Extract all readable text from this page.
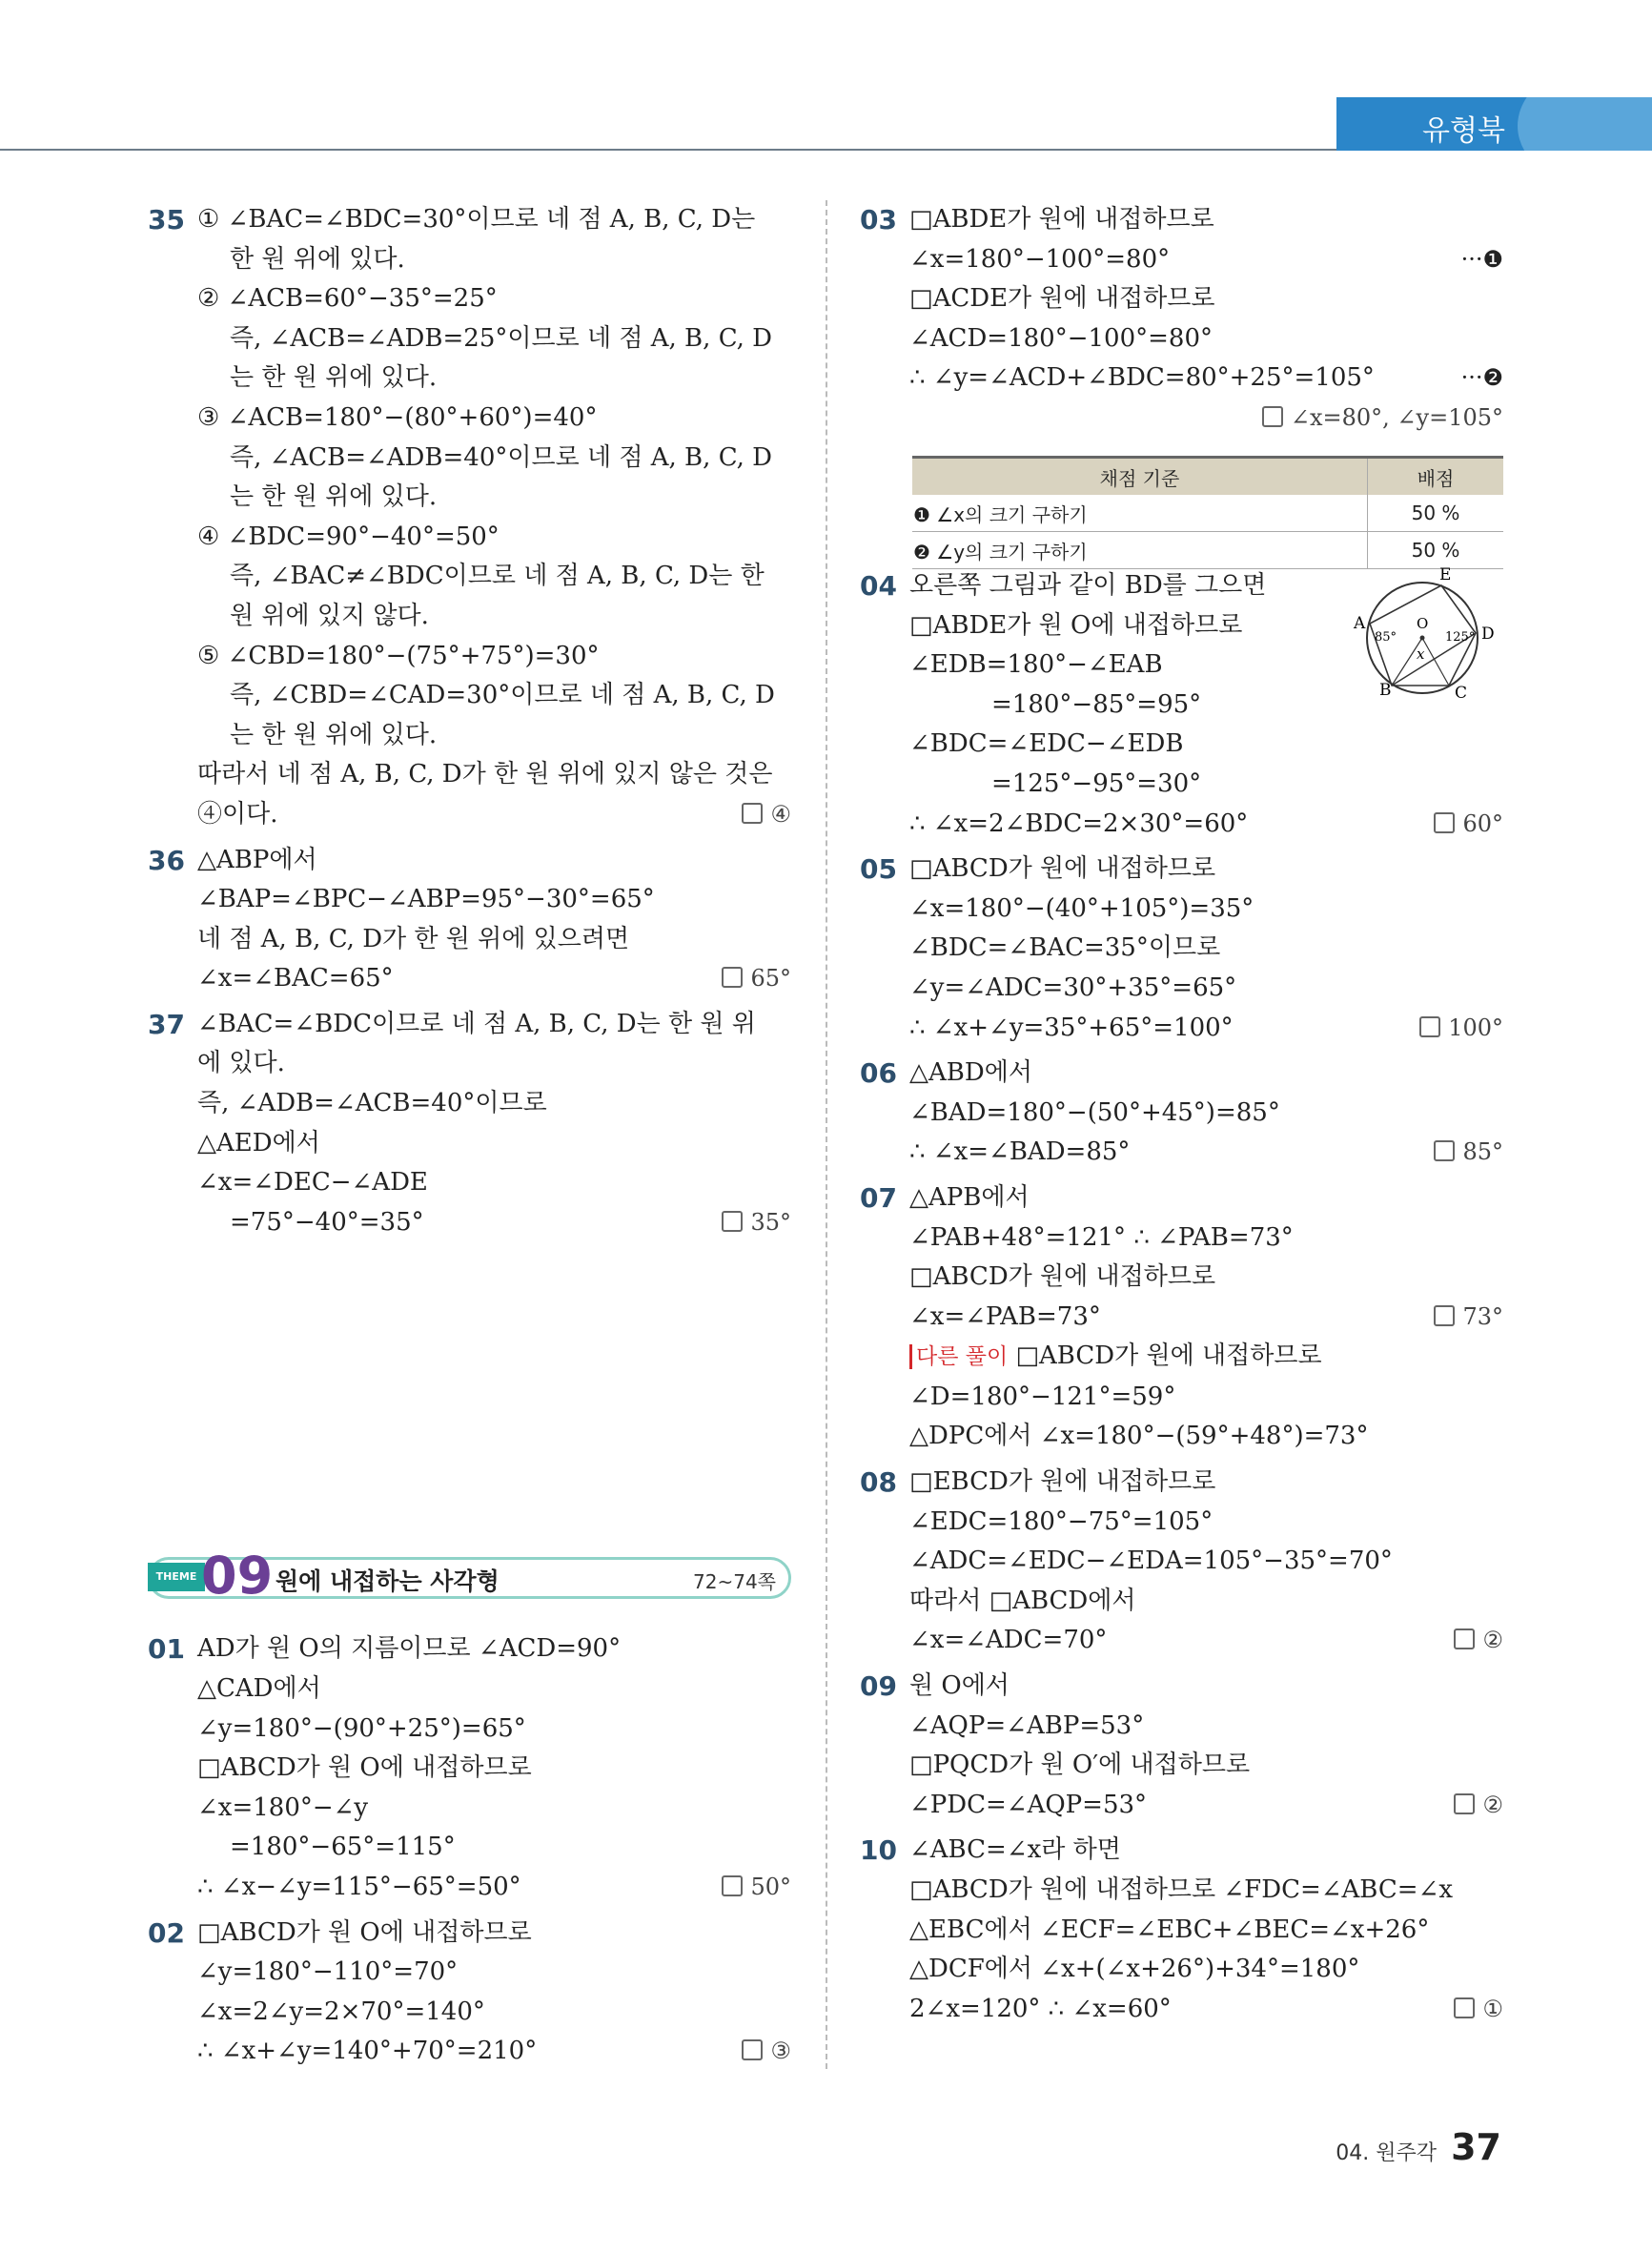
유형북
35 ① ∠BAC=∠BDC=30°이므로 네 점 A, B, C, D는
한 원 위에 있다.
② ∠ACB=60°−35°=25°
즉, ∠ACB=∠ADB=25°이므로 네 점 A, B, C, D
는 한 원 위에 있다.
③ ∠ACB=180°−(80°+60°)=40°
즉, ∠ACB=∠ADB=40°이므로 네 점 A, B, C, D
는 한 원 위에 있다.
④ ∠BDC=90°−40°=50°
즉, ∠BAC≠∠BDC이므로 네 점 A, B, C, D는 한
원 위에 있지 않다.
⑤ ∠CBD=180°−(75°+75°)=30°
즉, ∠CBD=∠CAD=30°이므로 네 점 A, B, C, D
는 한 원 위에 있다.
따라서 네 점 A, B, C, D가 한 원 위에 있지 않은 것은
④이다.	④
36 △ABP에서
∠BAP=∠BPC−∠ABP=95°−30°=65°
네 점 A, B, C, D가 한 원 위에 있으려면
∠x=∠BAC=65°	65°
37 ∠BAC=∠BDC이므로 네 점 A, B, C, D는 한 원 위
에 있다.
즉, ∠ADB=∠ACB=40°이므로
△AED에서
∠x=∠DEC−∠ADE
=75°−40°=35°	35°
THEME 09 원에 내접하는 사각형	72~74쪽
01 AD가 원 O의 지름이므로 ∠ACD=90°
△CAD에서
∠y=180°−(90°+25°)=65°
□ABCD가 원 O에 내접하므로
∠x=180°−∠y
=180°−65°=115°
∴ ∠x−∠y=115°−65°=50°	50°
02 □ABCD가 원 O에 내접하므로
∠y=180°−110°=70°
∠x=2∠y=2×70°=140°
∴ ∠x+∠y=140°+70°=210°	③
03 □ABDE가 원에 내접하므로
∠x=180°−100°=80°	···❶
□ACDE가 원에 내접하므로
∠ACD=180°−100°=80°
∴ ∠y=∠ACD+∠BDC=80°+25°=105°	···❷
∠x=80°, ∠y=105°
채점 기준	배점
❶ ∠x의 크기 구하기	50 %
❷ ∠y의 크기 구하기	50 %
04 오른쪽 그림과 같이 BD를 그으면
□ABDE가 원 O에 내접하므로
∠EDB=180°−∠EAB
=180°−85°=95°
∠BDC=∠EDC−∠EDB
=125°−95°=30°
∴ ∠x=2∠BDC=2×30°=60°	60°
A
B	C
D
E
O
x
85°	125°
05 □ABCD가 원에 내접하므로
∠x=180°−(40°+105°)=35°
∠BDC=∠BAC=35°이므로
∠y=∠ADC=30°+35°=65°
∴ ∠x+∠y=35°+65°=100°	100°
06 △ABD에서
∠BAD=180°−(50°+45°)=85°
∴ ∠x=∠BAD=85°	85°
07 △APB에서
∠PAB+48°=121° ∴ ∠PAB=73°
□ABCD가 원에 내접하므로
∠x=∠PAB=73°	73°
다른 풀이 □ABCD가 원에 내접하므로
∠D=180°−121°=59°
△DPC에서 ∠x=180°−(59°+48°)=73°
08 □EBCD가 원에 내접하므로
∠EDC=180°−75°=105°
∠ADC=∠EDC−∠EDA=105°−35°=70°
따라서 □ABCD에서
∠x=∠ADC=70°	②
09 원 O에서
∠AQP=∠ABP=53°
□PQCD가 원 O′에 내접하므로
∠PDC=∠AQP=53°	②
10 ∠ABC=∠x라 하면
□ABCD가 원에 내접하므로 ∠FDC=∠ABC=∠x
△EBC에서 ∠ECF=∠EBC+∠BEC=∠x+26°
△DCF에서 ∠x+(∠x+26°)+34°=180°
2∠x=120° ∴ ∠x=60°	①
04. 원주각 37
